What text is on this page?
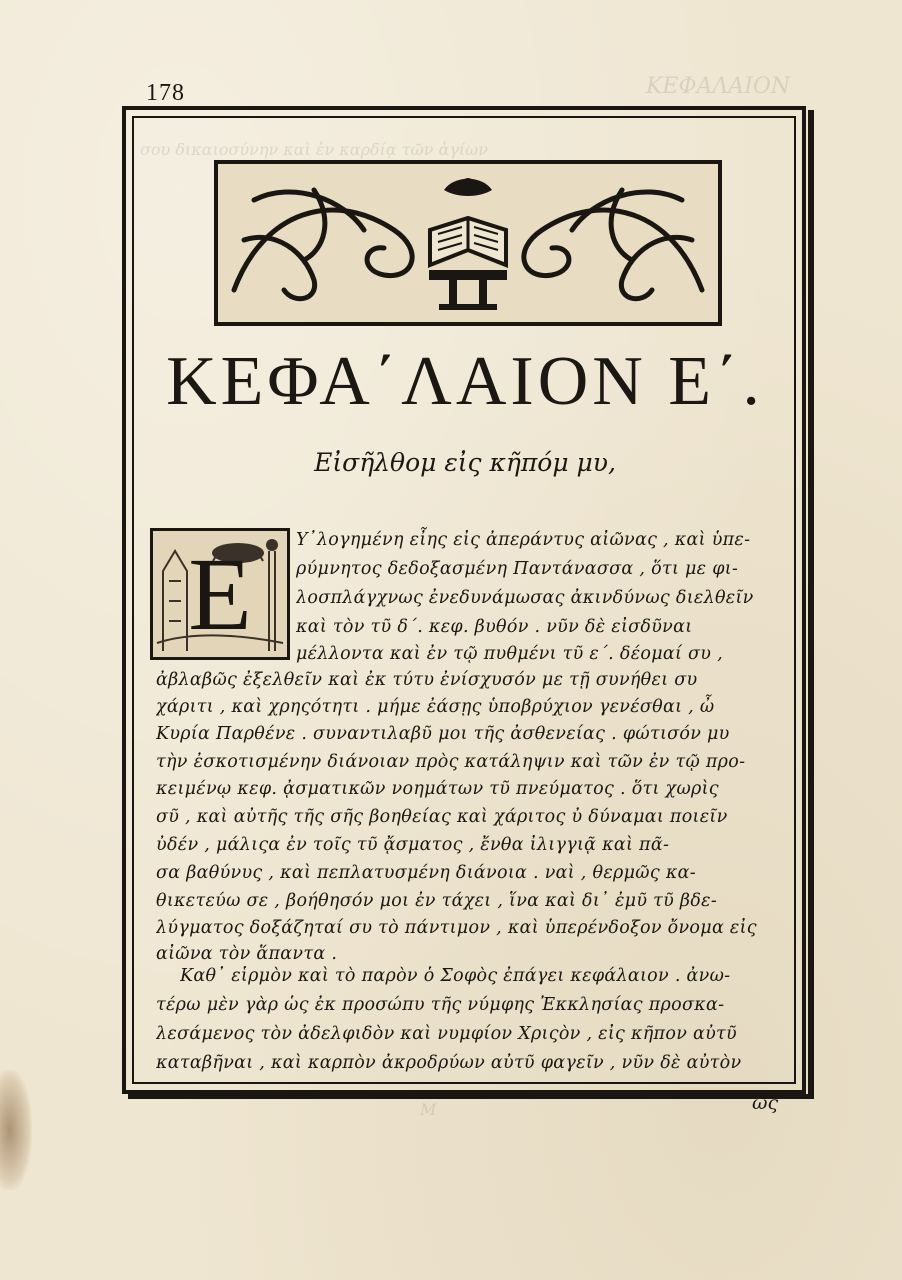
ΚΕΦΑΛΑΙΟΝ
σου δικαιοσύνην καὶ ἐν καρδίᾳ τῶν ἁγίων
Μ
178
ΚΕΦΑ΄ΛΑΙΟΝ Ε΄.
Εἰσῆλθομ εἰς κῆπόμ μυ,
Ε	Υ᾽λογημένη εἶης εἰς ἀπεράντυς αἰῶνας , καὶ ὑπε-
ρύμνητος δεδοξασμένη Παντάνασσα , ὅτι με φι-
λοσπλάγχνως ἐνεδυνάμωσας ἀκινδύνως διελθεῖν
καὶ τὸν τῦ δ΄. κεφ. βυθόν . νῦν δὲ εἰσδῦναι
μέλλοντα καὶ ἐν τῷ πυθμένι τῦ ε΄. δέομαί συ ,
ἀβλαβῶς ἐξελθεῖν καὶ ἐκ τύτυ ἐνίσχυσόν με τῇ συνήθει συ
χάριτι , καὶ χρηςότητι . μήμε ἐάσῃς ὑποβρύχιον γενέσθαι , ὦ
Κυρία Παρθένε . συναντιλαβῦ μοι τῆς ἀσθενείας . φώτισόν μυ
τὴν ἐσκοτισμένην διάνοιαν πρὸς κατάληψιν καὶ τῶν ἐν τῷ προ-
κειμένῳ κεφ. ᾀσματικῶν νοημάτων τῦ πνεύματος . ὅτι χωρὶς
σῦ , καὶ αὐτῆς τῆς σῆς βοηθείας καὶ χάριτος ὐ δύναμαι ποιεῖν
ὐδέν , μάλιςα ἐν τοῖς τῦ ᾄσματος , ἔνθα ἰλιγγιᾷ καὶ πᾶ-
σα βαθύνυς , καὶ πεπλατυσμένη διάνοια . ναὶ , θερμῶς κα-
θικετεύω σε , βοήθησόν μοι ἐν τάχει , ἵνα καὶ δι᾽ ἐμῦ τῦ βδε-
λύγματος δοξάζηταί συ τὸ πάντιμον , καὶ ὑπερένδοξον ὄνομα εἰς
αἰῶνα τὸν ἅπαντα .
Καθ᾽ εἱρμὸν καὶ τὸ παρὸν ὁ Σοφὸς ἐπάγει κεφάλαιον . ἀνω-
τέρω μὲν γὰρ ὡς ἐκ προσώπυ τῆς νύμφης Ἐκκλησίας προσκα-
λεσάμενος τὸν ἀδελφιδὸν καὶ νυμφίον Χριςὸν , εἰς κῆπον αὐτῦ
καταβῆναι , καὶ καρπὸν ἀκροδρύων αὐτῦ φαγεῖν , νῦν δὲ αὐτὸν
ὡς
